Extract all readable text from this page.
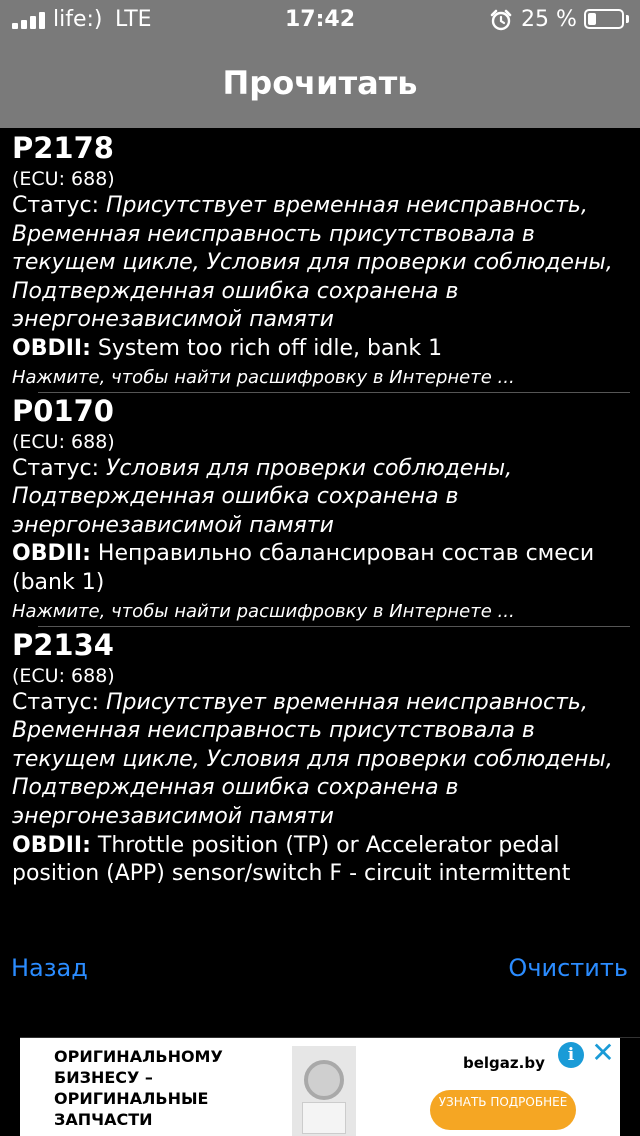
life:) LTE	17:42	25 %
Прочитать
P2178
(ECU: 688)
Статус: Присутствует временная неисправность, Временная неисправность присутствовала в текущем цикле, Условия для проверки соблюдены, Подтвержденная ошибка сохранена в энергонезависимой памяти
OBDII: System too rich off idle, bank 1
Нажмите, чтобы найти расшифровку в Интернете ...
P0170
(ECU: 688)
Статус: Условия для проверки соблюдены, Подтвержденная ошибка сохранена в энергонезависимой памяти
OBDII: Неправильно сбалансирован состав смеси (bank 1)
Нажмите, чтобы найти расшифровку в Интернете ...
P2134
(ECU: 688)
Статус: Присутствует временная неисправность, Временная неисправность присутствовала в текущем цикле, Условия для проверки соблюдены, Подтвержденная ошибка сохранена в энергонезависимой памяти
OBDII: Throttle position (TP) or Accelerator pedal position (APP) sensor/switch F - circuit intermittent
Назад	Очистить
ОРИГИНАЛЬНОМУ БИЗНЕСУ – ОРИГИНАЛЬНЫЕ ЗАПЧАСТИ
belgaz.by	i ✕
УЗНАТЬ ПОДРОБНЕЕ
